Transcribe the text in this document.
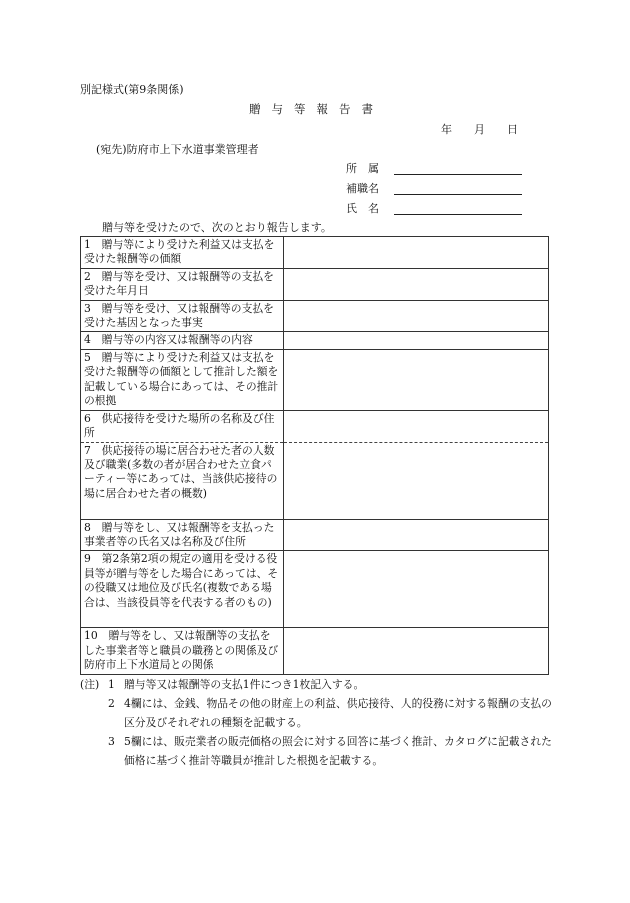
別記様式(第9条関係)
贈与等報告書
年　　月　　日
(宛先)防府市上下水道事業管理者
所　属
補職名
氏　名
贈与等を受けたので、次のとおり報告します。
1　贈与等により受けた利益又は支払を受けた報酬等の価額	
2　贈与等を受け、又は報酬等の支払を受けた年月日	
3　贈与等を受け、又は報酬等の支払を受けた基因となった事実	
4　贈与等の内容又は報酬等の内容	
5　贈与等により受けた利益又は支払を受けた報酬等の価額として推計した額を記載している場合にあっては、その推計の根拠	
6　供応接待を受けた場所の名称及び住所	
7　供応接待の場に居合わせた者の人数及び職業(多数の者が居合わせた立食パーティー等にあっては、当該供応接待の場に居合わせた者の概数)	
8　贈与等をし、又は報酬等を支払った事業者等の氏名又は名称及び住所	
9　第2条第2項の規定の適用を受ける役員等が贈与等をした場合にあっては、その役職又は地位及び氏名(複数である場合は、当該役員等を代表する者のもの)	
10　贈与等をし、又は報酬等の支払をした事業者等と職員の職務との関係及び防府市上下水道局との関係	
(注) 1 贈与等又は報酬等の支払1件につき1枚記入する。
2 4欄には、金銭、物品その他の財産上の利益、供応接待、人的役務に対する報酬の支払の区分及びそれぞれの種類を記載する。
3 5欄には、販売業者の販売価格の照会に対する回答に基づく推計、カタログに記載された価格に基づく推計等職員が推計した根拠を記載する。
